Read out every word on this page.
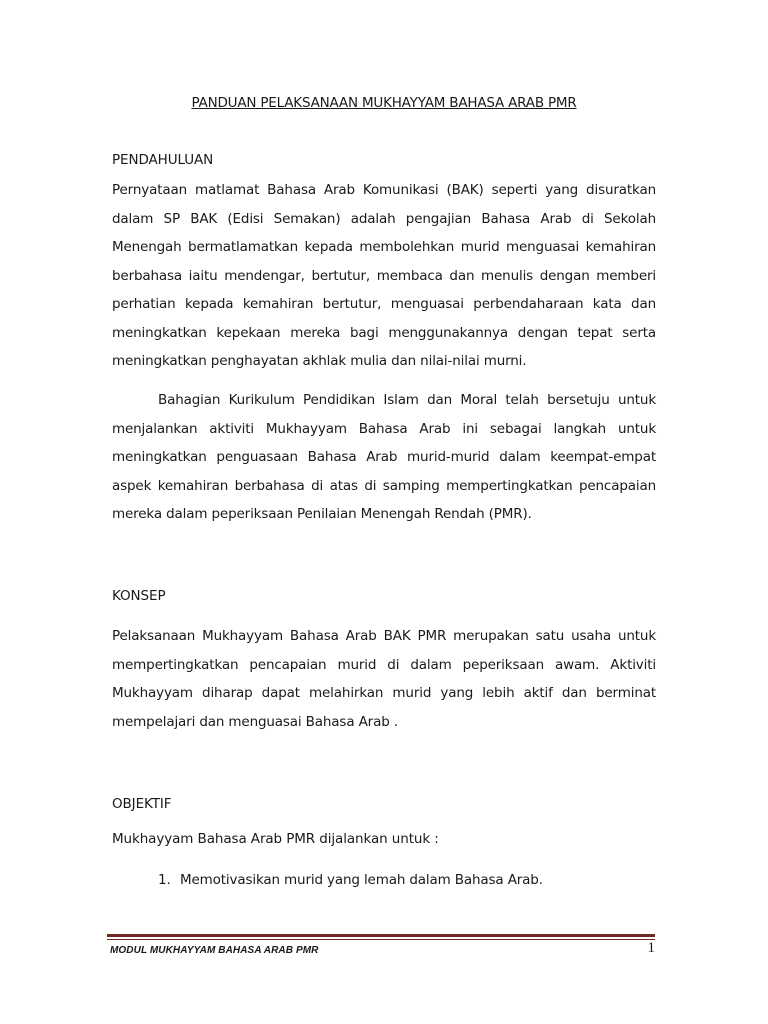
PANDUAN PELAKSANAAN MUKHAYYAM BAHASA ARAB PMR
PENDAHULUAN

Pernyataan matlamat Bahasa Arab Komunikasi (BAK) seperti yang disuratkan dalam SP BAK (Edisi Semakan) adalah pengajian Bahasa Arab di Sekolah Menengah bermatlamatkan kepada membolehkan murid menguasai kemahiran berbahasa iaitu mendengar, bertutur, membaca dan menulis dengan memberi perhatian kepada kemahiran bertutur, menguasai perbendaharaan kata dan meningkatkan kepekaan mereka bagi menggunakannya dengan tepat serta meningkatkan penghayatan akhlak mulia dan nilai-nilai murni.

Bahagian Kurikulum Pendidikan Islam dan Moral telah bersetuju untuk menjalankan aktiviti Mukhayyam Bahasa Arab ini sebagai langkah untuk meningkatkan penguasaan Bahasa Arab murid-murid dalam keempat-empat aspek kemahiran berbahasa di atas di samping mempertingkatkan pencapaian mereka dalam peperiksaan Penilaian Menengah Rendah (PMR).

KONSEP

Pelaksanaan Mukhayyam Bahasa Arab BAK PMR merupakan satu usaha untuk mempertingkatkan pencapaian murid di dalam peperiksaan awam. Aktiviti Mukhayyam diharap dapat melahirkan murid yang lebih aktif dan berminat mempelajari dan menguasai Bahasa Arab .

OBJEKTIF
Mukhayyam Bahasa Arab PMR dijalankan untuk :
1. Memotivasikan murid yang lemah dalam Bahasa Arab.
MODUL MUKHAYYAM BAHASA ARAB PMR	1
